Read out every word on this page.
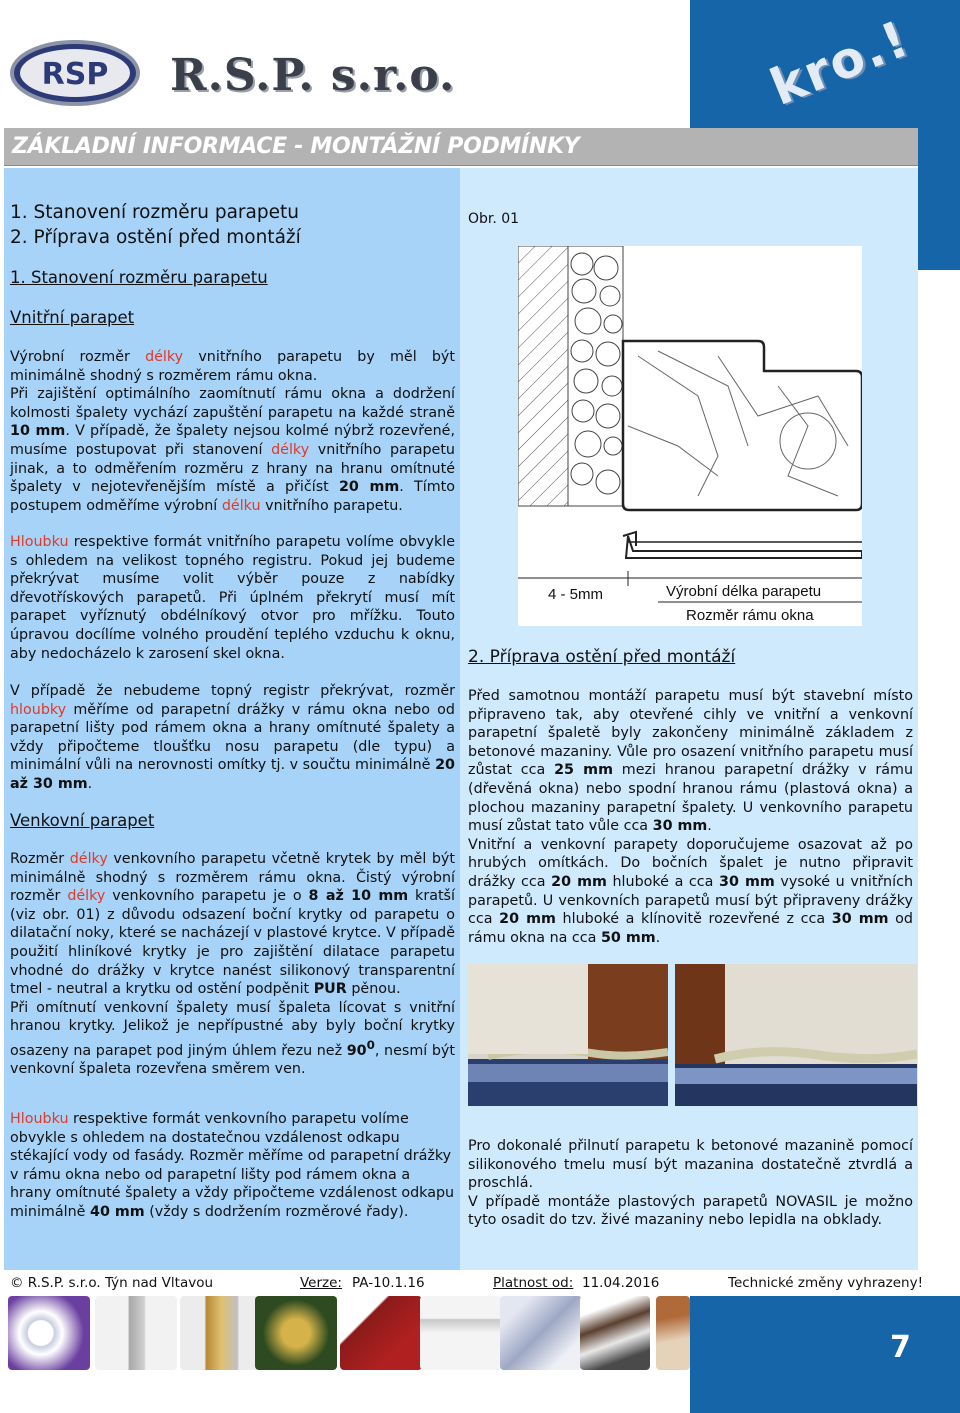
RSP R.S.P. s.r.o.	kro.!
ZÁKLADNÍ INFORMACE - MONTÁŽNÍ PODMÍNKY
1. Stanovení rozměru parapetu
2. Příprava ostění před montáží
1. Stanovení rozměru parapetu
Vnitřní parapet
Výrobní rozměr délky vnitřního parapetu by měl být minimálně shodný s rozměrem rámu okna.
Při zajištění optimálního zaomítnutí rámu okna a dodržení kolmosti špalety vychází zapuštění parapetu na každé straně 10 mm. V případě, že špalety nejsou kolmé nýbrž rozevřené, musíme postupovat při stanovení délky vnitřního parapetu jinak, a to odměřením rozměru z hrany na hranu omítnuté špalety v nejotevřenějším místě a přičíst 20 mm. Tímto postupem odměříme výrobní délku vnitřního parapetu.
Hloubku respektive formát vnitřního parapetu volíme obvykle s ohledem na velikost topného registru. Pokud jej budeme překrývat musíme volit výběr pouze z nabídky dřevotřískových parapetů. Při úplném překrytí musí mít parapet vyříznutý obdélníkový otvor pro mřížku. Touto úpravou docílíme volného proudění teplého vzduchu k oknu, aby nedocházelo k zarosení skel okna.
V případě že nebudeme topný registr překrývat, rozměr hloubky měříme od parapetní drážky v rámu okna nebo od parapetní lišty pod rámem okna a hrany omítnuté špalety a vždy připočteme tloušťku nosu parapetu (dle typu) a minimální vůli na nerovnosti omítky tj. v součtu minimálně 20 až 30 mm.
Venkovní parapet
Rozměr délky venkovního parapetu včetně krytek by měl být minimálně shodný s rozměrem rámu okna. Čistý výrobní rozměr délky venkovního parapetu je o 8 až 10 mm kratší (viz obr. 01) z důvodu odsazení boční krytky od parapetu o dilatační noky, které se nacházejí v plastové krytce. V případě použití hliníkové krytky je pro zajištění dilatace parapetu vhodné do drážky v krytce nanést silikonový transparentní tmel - neutral a krytku od ostění podpěnit PUR pěnou.
Při omítnutí venkovní špalety musí špaleta lícovat s vnitřní hranou krytky. Jelikož je nepřípustné aby byly boční krytky osazeny na parapet pod jiným úhlem řezu než $90^0$, nesmí být venkovní špaleta rozevřena směrem ven.
Hloubku respektive formát venkovního parapetu volíme obvykle s ohledem na dostatečnou vzdálenost odkapu stékající vody od fasády. Rozměr měříme od parapetní drážky v rámu okna nebo od parapetní lišty pod rámem okna a hrany omítnuté špalety a vždy připočteme vzdálenost odkapu minimálně 40 mm (vždy s dodržením rozměrové řady).
Obr. 01
4 - 5mm	Výrobní délka parapetu
Rozměr rámu okna
2. Příprava ostění před montáží
Před samotnou montáží parapetu musí být stavební místo připraveno tak, aby otevřené cihly ve vnitřní a venkovní parapetní špaletě byly zakončeny minimálně základem z betonové mazaniny. Vůle pro osazení vnitřního parapetu musí zůstat cca 25 mm mezi hranou parapetní drážky v rámu (dřevěná okna) nebo spodní hranou rámu (plastová okna) a plochou mazaniny parapetní špalety. U venkovního parapetu musí zůstat tato vůle cca 30 mm.
Vnitřní a venkovní parapety doporučujeme osazovat až po hrubých omítkách. Do bočních špalet je nutno připravit drážky cca 20 mm hluboké a cca 30 mm vysoké u vnitřních parapetů. U venkovních parapetů musí být připraveny drážky cca 20 mm hluboké a klínovitě rozevřené z cca 30 mm od rámu okna na cca 50 mm.
Pro dokonalé přilnutí parapetu k betonové mazanině pomocí silikonového tmelu musí být mazanina dostatečně ztvrdlá a proschlá.
V případě montáže plastových parapetů NOVASIL je možno tyto osadit do tzv. živé mazaniny nebo lepidla na obklady.
© R.S.P. s.r.o. Týn nad Vltavou	Verze: PA-10.1.16	Platnost od: 11.04.2016	Technické změny vyhrazeny!
7
